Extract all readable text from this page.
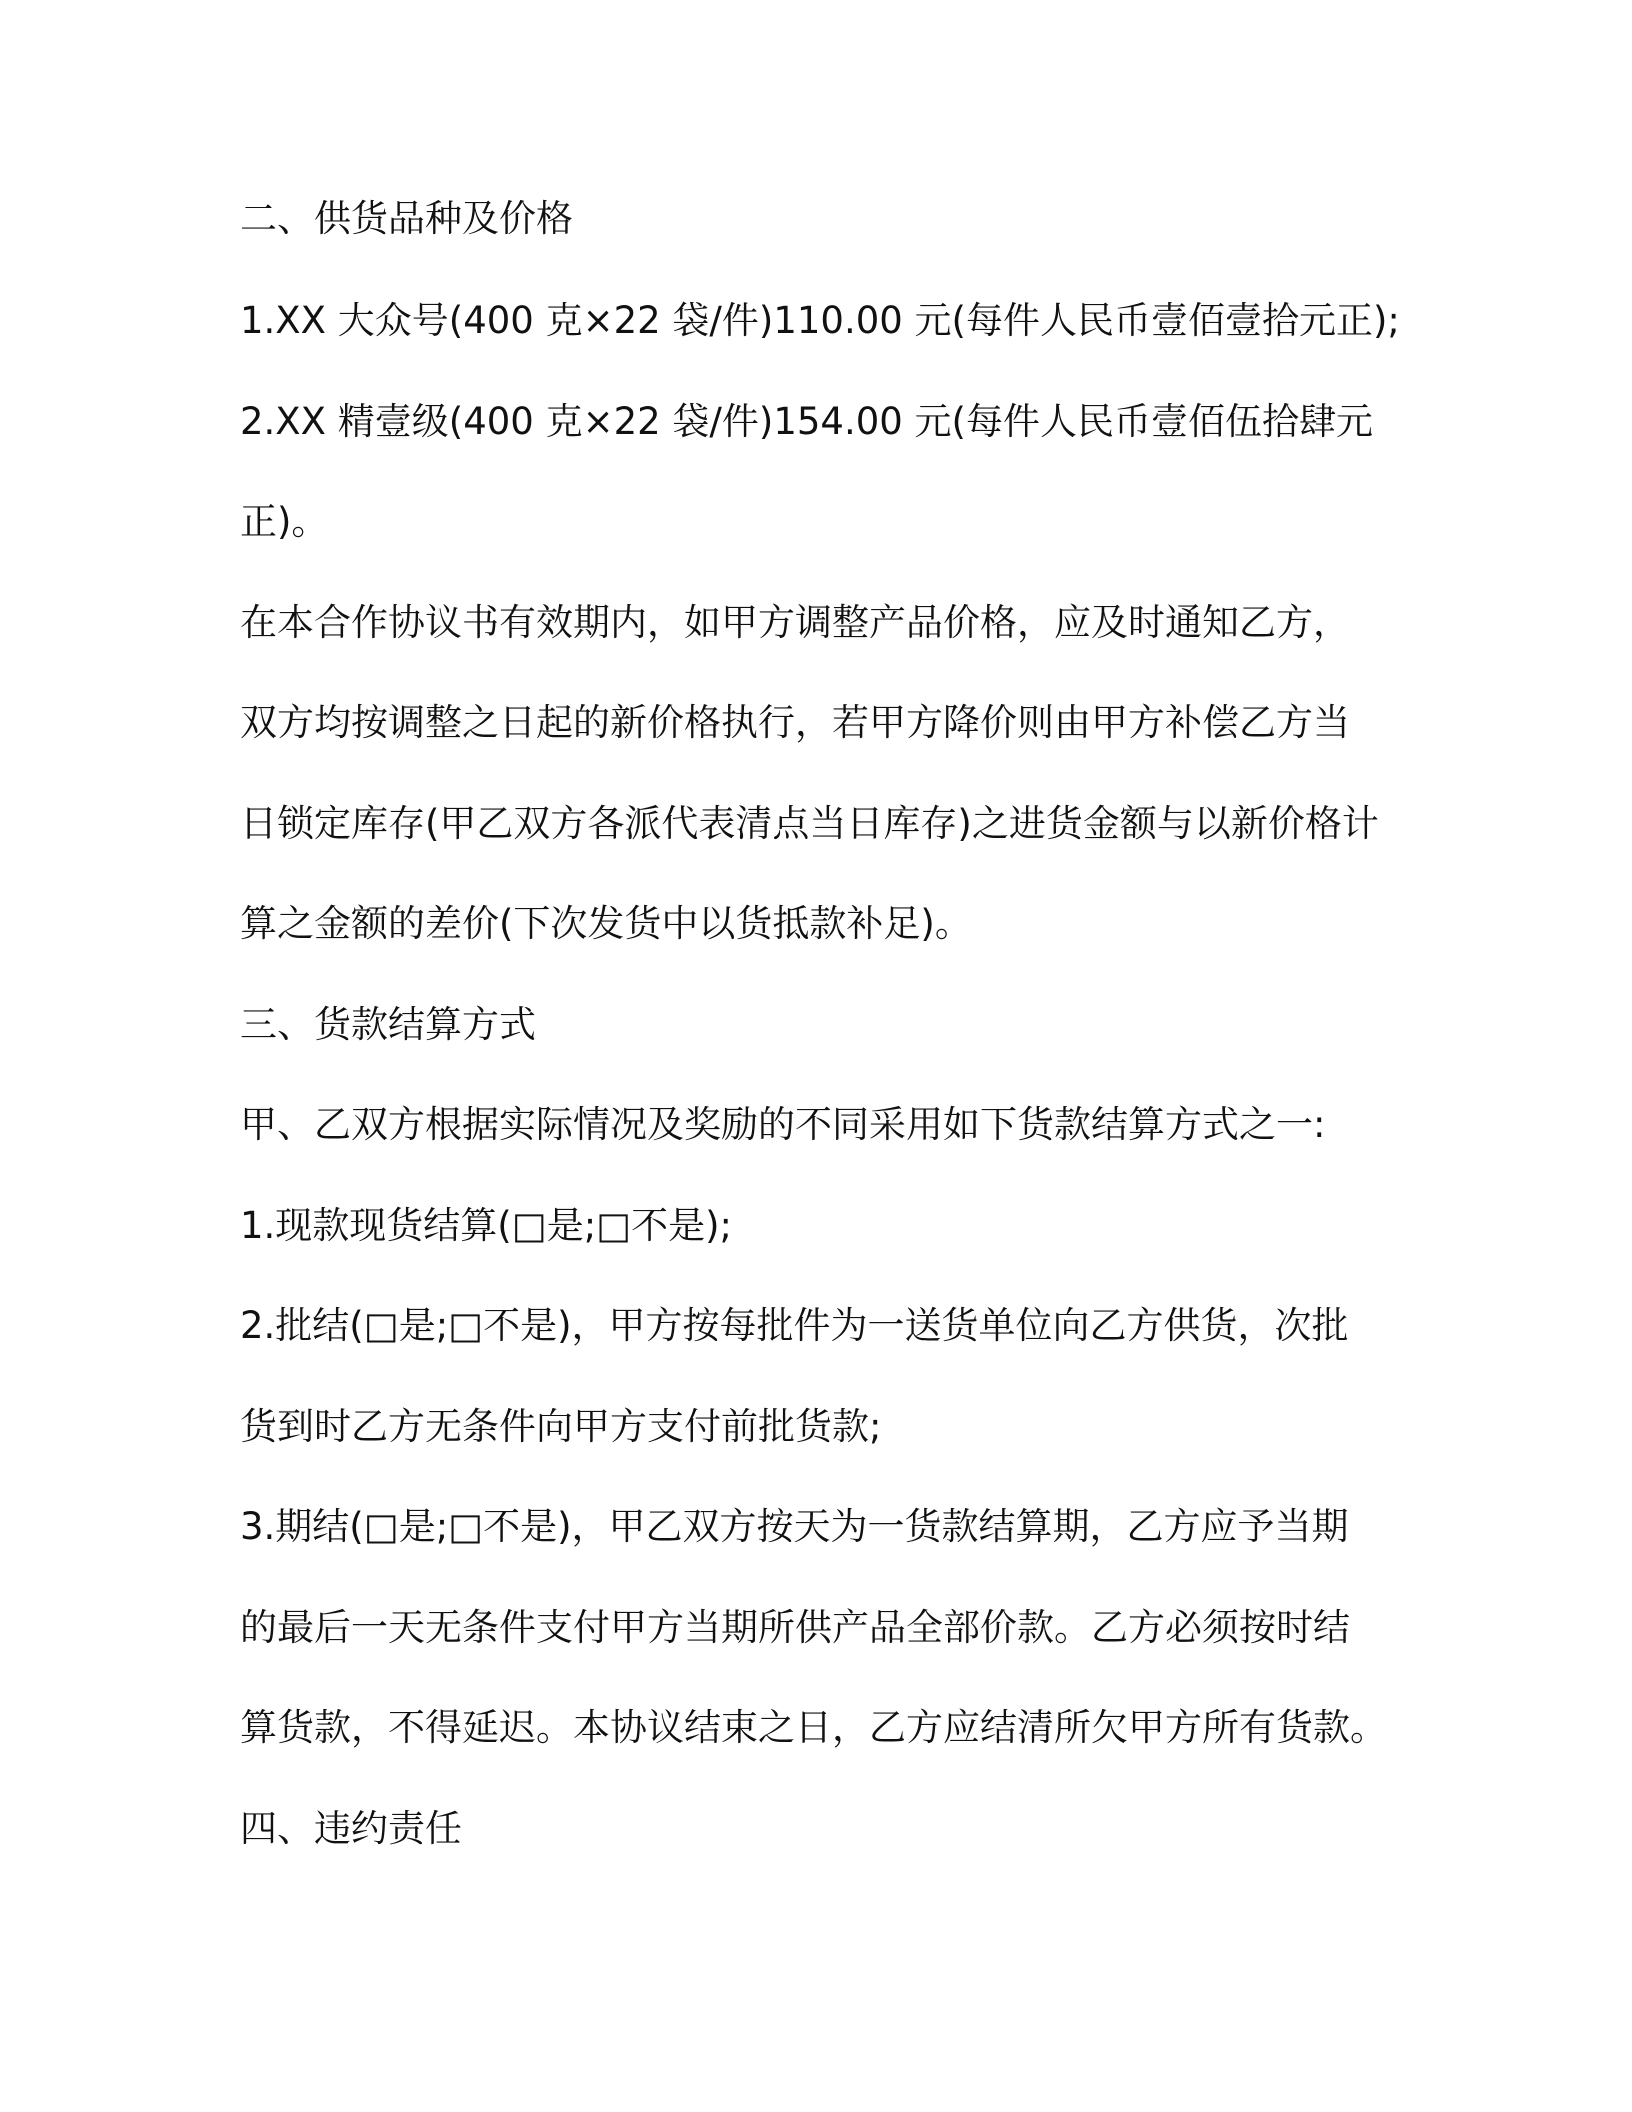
二、供货品种及价格
1.XX 大众号(400 克×22 袋/件)110.00 元(每件人民币壹佰壹拾元正);
2.XX 精壹级(400 克×22 袋/件)154.00 元(每件人民币壹佰伍拾肆元
正)。
在本合作协议书有效期内，如甲方调整产品价格，应及时通知乙方，
双方均按调整之日起的新价格执行，若甲方降价则由甲方补偿乙方当
日锁定库存(甲乙双方各派代表清点当日库存)之进货金额与以新价格计
算之金额的差价(下次发货中以货抵款补足)。
三、货款结算方式
甲、乙双方根据实际情况及奖励的不同采用如下货款结算方式之一:
1.现款现货结算(□是;□不是);
2.批结(□是;□不是)，甲方按每批件为一送货单位向乙方供货，次批
货到时乙方无条件向甲方支付前批货款;
3.期结(□是;□不是)，甲乙双方按天为一货款结算期，乙方应予当期
的最后一天无条件支付甲方当期所供产品全部价款。乙方必须按时结
算货款，不得延迟。本协议结束之日，乙方应结清所欠甲方所有货款。
四、违约责任
